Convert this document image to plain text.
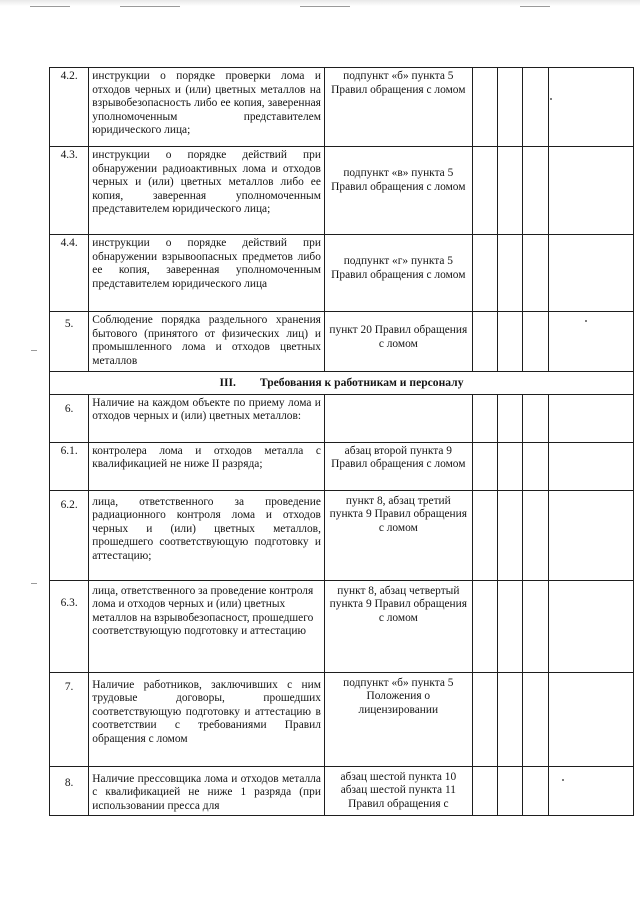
4.2.	инструкции о порядке проверки лома и отходов черных и (или) цветных металлов на взрывобезопасность либо ее копия, заверенная уполномоченным представителем юридического лица;	подпункт «б» пункта 5 Правил обращения с ломом				
4.3.	инструкции о порядке действий при обнаружении радиоактивных лома и отходов черных и (или) цветных металлов либо ее копия, заверенная уполномоченным представителем юридического лица;	подпункт «в» пункта 5 Правил обращения с ломом				
4.4.	инструкции о порядке действий при обнаружении взрывоопасных предметов либо ее копия, заверенная уполномоченным представителем юридического лица	подпункт «г» пункта 5 Правил обращения с ломом				
5.	Соблюдение порядка раздельного хранения бытового (принятого от физических лиц) и промышленного лома и отходов цветных металлов	пункт 20 Правил обращения с ломом				
III. Требования к работникам и персоналу						
6.	Наличие на каждом объекте по приему лома и отходов черных и (или) цветных металлов:					
6.1.	контролера лома и отходов металла с квалификацией не ниже II разряда;	абзац второй пункта 9 Правил обращения с ломом				
6.2.	лица, ответственного за проведение радиационного контроля лома и отходов черных и (или) цветных металлов, прошедшего соответствующую подготовку и аттестацию;	пункт 8, абзац третий пункта 9 Правил обращения с ломом				
6.3.	лица, ответственного за проведение контроля лома и отходов черных и (или) цветных металлов на взрывобезопасност, прошедшего соответствующую подготовку и аттестацию	пункт 8, абзац четвертый пункта 9 Правил обращения с ломом				
7.	Наличие работников, заключивших с ним трудовые договоры, прошедших соответствующую подготовку и аттестацию в соответствии с требованиями Правил обращения с ломом	подпункт «б» пункта 5 Положения о лицензировании				
8.	Наличие прессовщика лома и отходов металла с квалификацией не ниже 1 разряда (при использовании пресса для	абзац шестой пункта 10 абзац шестой пункта 11 Правил обращения с				
